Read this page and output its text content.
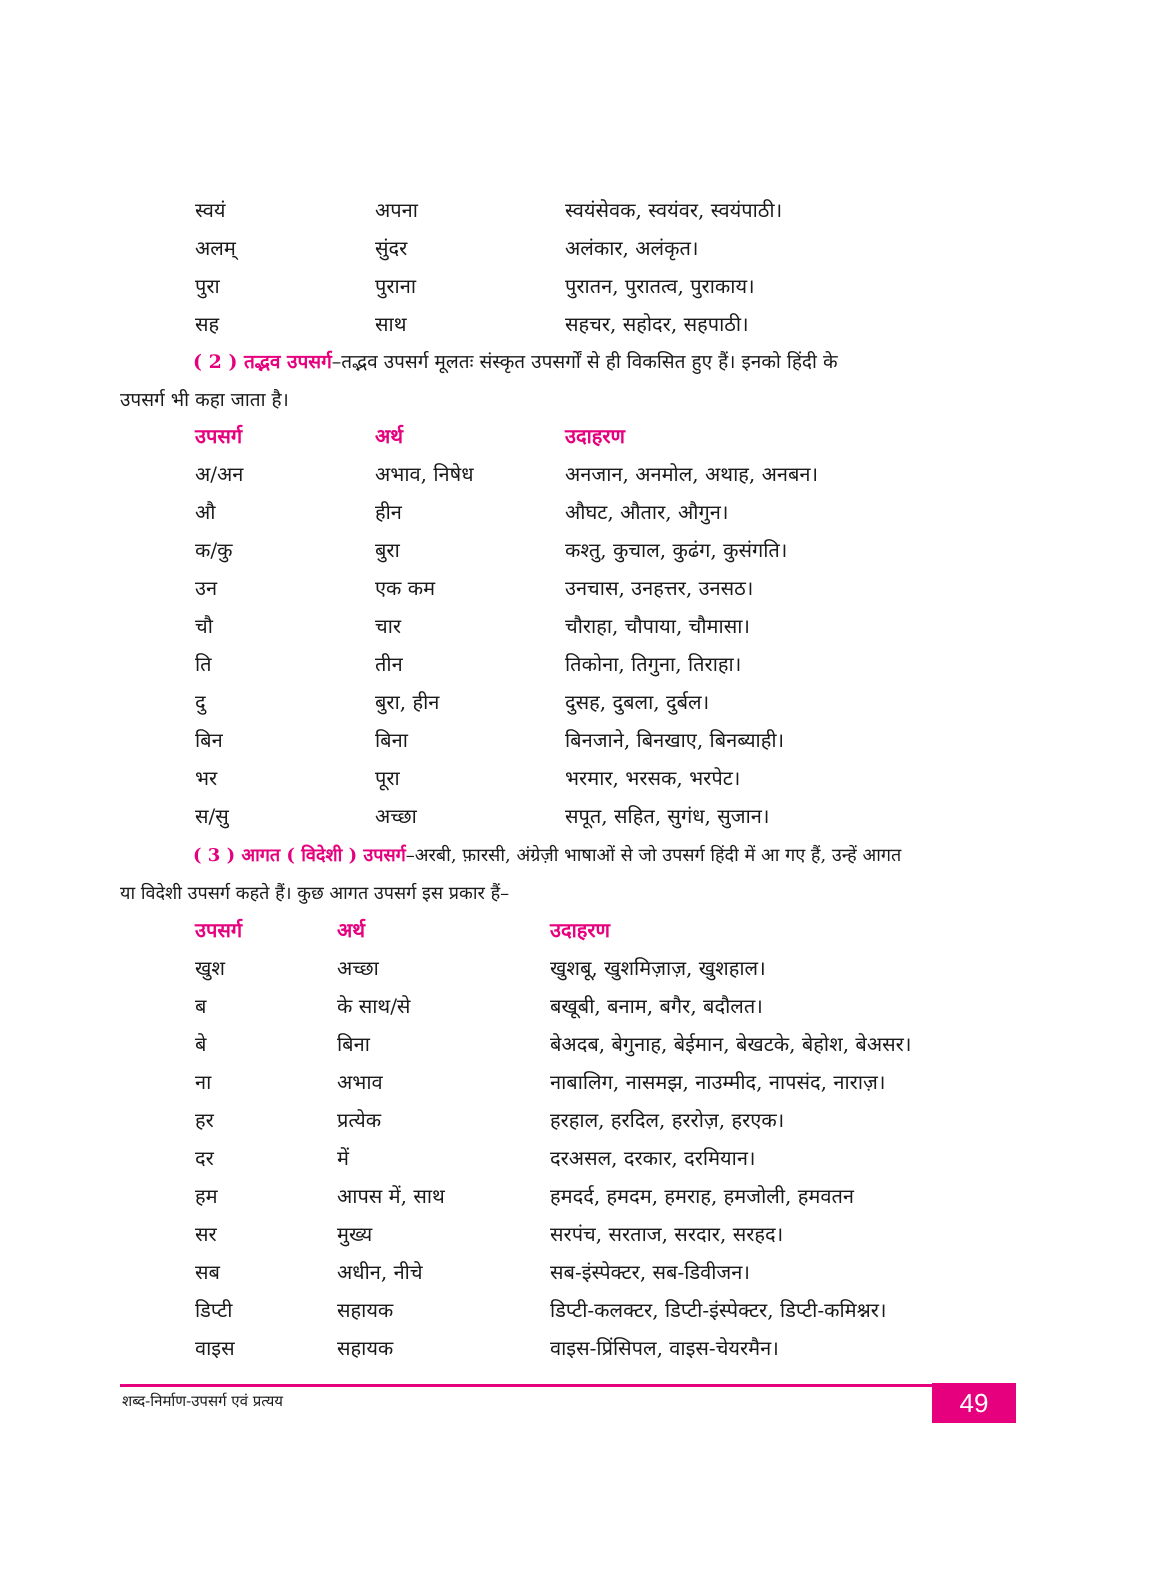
स्वयं	अपना	स्वयंसेवक, स्वयंवर, स्वयंपाठी।
अलम्	सुंदर	अलंकार, अलंकृत।
पुरा	पुराना	पुरातन, पुरातत्व, पुराकाय।
सह	साथ	सहचर, सहोदर, सहपाठी।
( 2 ) तद्भव उपसर्ग–तद्भव उपसर्ग मूलतः संस्कृत उपसर्गों से ही विकसित हुए हैं। इनको हिंदी के
उपसर्ग भी कहा जाता है।
उपसर्ग	अर्थ	उदाहरण
अ/अन	अभाव, निषेध	अनजान, अनमोल, अथाह, अनबन।
औ	हीन	औघट, औतार, औगुन।
क/कु	बुरा	कश्तु, कुचाल, कुढंग, कुसंगति।
उन	एक कम	उनचास, उनहत्तर, उनसठ।
चौ	चार	चौराहा, चौपाया, चौमासा।
ति	तीन	तिकोना, तिगुना, तिराहा।
दु	बुरा, हीन	दुसह, दुबला, दुर्बल।
बिन	बिना	बिनजाने, बिनखाए, बिनब्याही।
भर	पूरा	भरमार, भरसक, भरपेट।
स/सु	अच्छा	सपूत, सहित, सुगंध, सुजान।
( 3 ) आगत ( विदेशी ) उपसर्ग–अरबी, फ़ारसी, अंग्रेज़ी भाषाओं से जो उपसर्ग हिंदी में आ गए हैं, उन्हें आगत
या विदेशी उपसर्ग कहते हैं। कुछ आगत उपसर्ग इस प्रकार हैं–
उपसर्ग	अर्थ	उदाहरण
खुश	अच्छा	खुशबू, खुशमिज़ाज़, खुशहाल।
ब	के साथ/से	बखूबी, बनाम, बगैर, बदौलत।
बे	बिना	बेअदब, बेगुनाह, बेईमान, बेखटके, बेहोश, बेअसर।
ना	अभाव	नाबालिग, नासमझ, नाउम्मीद, नापसंद, नाराज़।
हर	प्रत्येक	हरहाल, हरदिल, हररोज़, हरएक।
दर	में	दरअसल, दरकार, दरमियान।
हम	आपस में, साथ	हमदर्द, हमदम, हमराह, हमजोली, हमवतन
सर	मुख्य	सरपंच, सरताज, सरदार, सरहद।
सब	अधीन, नीचे	सब-इंस्पेक्टर, सब-डिवीजन।
डिप्टी	सहायक	डिप्टी-कलक्टर, डिप्टी-इंस्पेक्टर, डिप्टी-कमिश्नर।
वाइस	सहायक	वाइस-प्रिंसिपल, वाइस-चेयरमैन।
शब्द-निर्माण-उपसर्ग एवं प्रत्यय	49
